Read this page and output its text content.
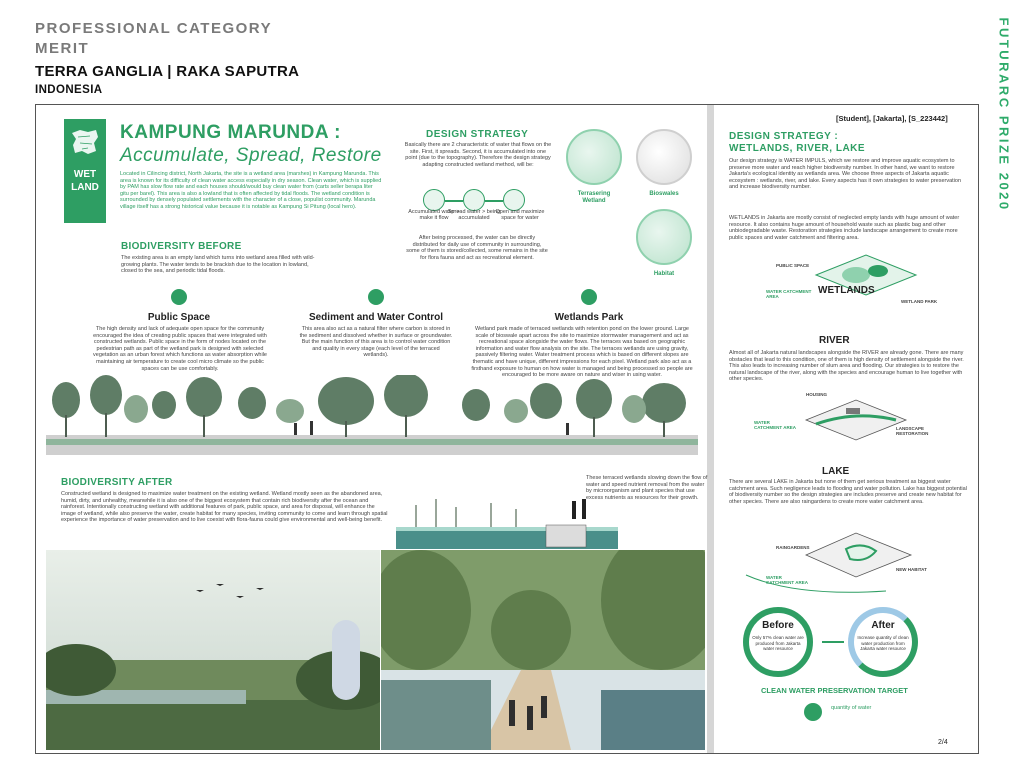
PROFESSIONAL CATEGORY
MERIT
TERRA GANGLIA | RAKA SAPUTRA
INDONESIA	FUTURARC PRIZE 2020
WET
LAND
KAMPUNG MARUNDA :
Accumulate, Spread, Restore
Located in Cilincing district, North Jakarta, the site is a wetland area (marshes) in Kampung Marunda. This area is known for its difficulty of clean water access especially in dry season. Clean water, which is supplied by PAM has slow flow rate and each houses should/would buy clean water from (carts seller berapa liter gitu per barel). This area is also a lowland that is often affected by tidal floods. The wetland condition is surrounded by densely populated settlements with the character of a close, populist community. Marunda village itself has a strong historical value because it is notable as Kampung Si Pitung (local hero).
BIODIVERSITY BEFORE
The existing area is an empty land which turns into wetland area filled with wild-growing plants. The water tends to be brackish due to the location in lowland, closed to the sea, and periodic tidal floods.
DESIGN STRATEGY
Basically there are 2 characteristic of water that flows on the site. First, it spreads. Second, it is accumulated into one point (due to the topography). Therefore the design strategy adapting constructed wetland method, will be:
Accumulated water > make it flow
Spread water > being accumulated
Open and maximize space for water
After being processed, the water can be directly distributed for daily use of community in surrounding, some of them is stored/collected, some remains in the site for flora fauna and act as recreational element.
Terrasering Wetland
Bioswales
Habitat
Public Space	Sediment and Water Control	Wetlands Park
The high density and lack of adequate open space for the community encouraged the idea of creating public spaces that were integrated with constructed wetlands. Public space in the form of nodes located on the pedestrian path as part of the wetland park is designed with selected vegetation as an urban forest which functions as water absorption while maintaining air temperature to create cool micro climate so the public spaces can be use comfortably.
This area also act as a natural filter where carbon is stored in the sediment and dissolved whether in surface or groundwater. But the main function of this area is to control water condition and quality in every stage (each level of the terraced wetlands).
Wetland park made of terraced wetlands with retention pond on the lower ground. Large scale of bioswale apart across the site to maximize stormwater management and act as recreational space alongside the water flows. The terraces was based on geographic information and water flow analysis on the site. The terraces wetlands are using gravity, passively filtering water. Water treatment process which is based on different slopes are thematic and have unique, different impressions for each pixel. Wetland park also act as a firsthand exposure to human on how water is managed and being processed so people are encouraged to be more aware on nature and wiser in using water.
BIODIVERSITY AFTER
Constructed wetland is designed to maximize water treatment on the existing wetland. Wetland mostly seen as the abandoned area, humid, dirty, and unhealthy, meanwhile it is also one of the biggest ecosystem that contain rich biodiversity after the ocean and rainforest. Intentionally constructing wetland with additional features of park, public space, and area for disposal, will enhance the image of wetland, while also preserve the water, create habitat for many species, inviting community to come and learn through spatial experience the importance of water preservation and to live coexist with flora-fauna could give environmental and well-being benefit.
These terraced wetlands slowing down the flow of water and speed nutrient removal from the water by microorganism and plant species that use excess nutrients as resources for their growth.
[Student], [Jakarta], [S_223442]
DESIGN STRATEGY :
WETLANDS, RIVER, LAKE
Our design strategy is WATER IMPULS, which we restore and improve aquatic ecosystem to preserve more water and reach higher biodiversity number. In other hand, we want to restore Jakarta's ecological identity as wetlands area. We choose three aspects of Jakarta aquatic ecosystem : wetlands, river, and lake. Every aspects has it own strategies to water preservation and increase biodiversity number.
WETLANDS in Jakarta are mostly consist of neglected empty lands with huge amount of water resource. It also contains huge amount of household waste such as plastic bag and other unbiodegradable waste. Restoration strategies include landscape arrangement to create more public spaces and water catchment and filtering area.
PUBLIC SPACE
WATER CATCHMENT AREA
WETLAND PARK
WETLANDS
RIVER
Almost all of Jakarta natural landscapes alongside the RIVER are already gone. There are many obstacles that lead to this condition, one of them is high density of settlement alongside the river. This also leads to increasing number of slum area and flooding. Our strategies is to restore the natural landscape of the river, along with the species and encourage human to live together with other species.
HOUSING
WATER CATCHMENT AREA	LANDSCAPE RESTORATION
LAKE
There are several LAKE in Jakarta but none of them get serious treatment as biggest water catchment area. Such negligence leads to flooding and water pollution. Lake has biggest potential of biodiversity number so the design strategies are includes preserve and create new habitat for other species. There are also raingardens to create more water catchment area.
RAINGARDENS
WATER CATCHMENT AREA
NEW HABITAT
Before
Only 57% clean water are produced from Jakarta water resource
After
Increase quantity of clean water production from Jakarta water resource
CLEAN WATER PRESERVATION TARGET
quantity of water
2/4
